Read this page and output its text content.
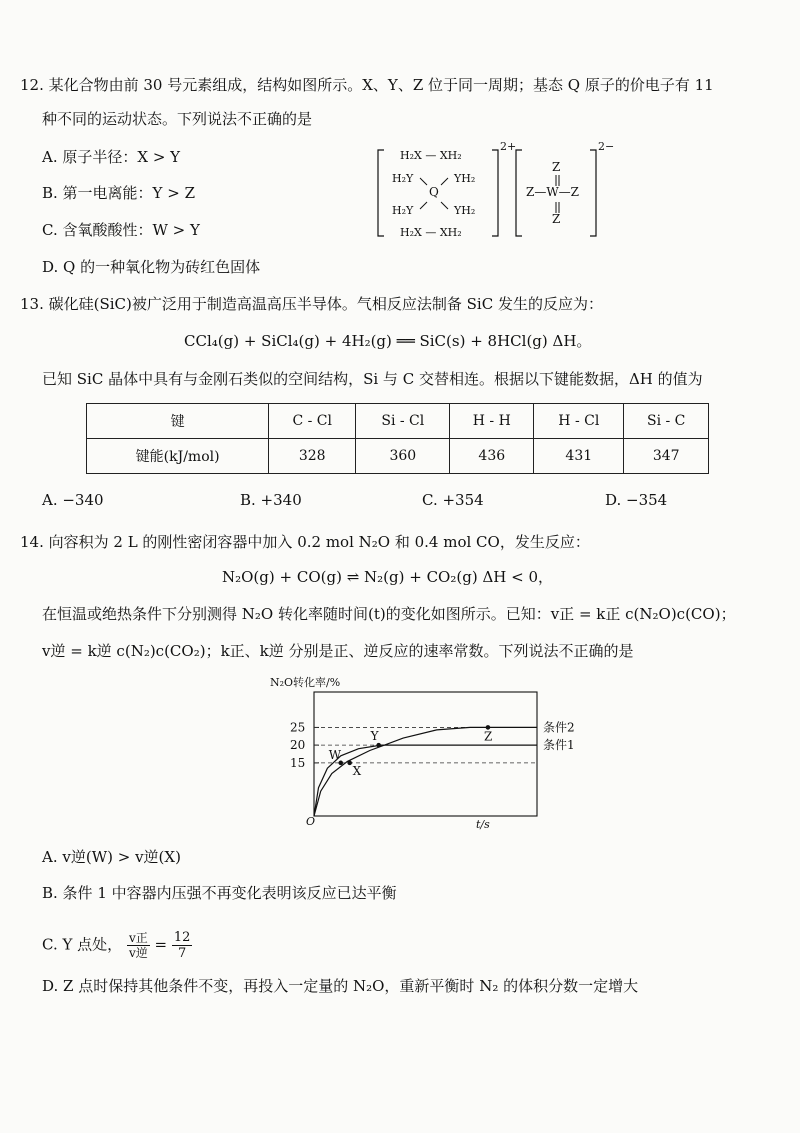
12. 某化合物由前 30 号元素组成，结构如图所示。X、Y、Z 位于同一周期；基态 Q 原子的价电子有 11
种不同的运动状态。下列说法不正确的是
A. 原子半径：X > Y
B. 第一电离能：Y > Z
C. 含氧酸酸性：W > Y
D. Q 的一种氧化物为砖红色固体
H₂X — XH₂
H₂Y	YH₂
Q
H₂Y	YH₂
H₂X — XH₂
2+
Z
Z—W—Z
Z
2−
13. 碳化硅(SiC)被广泛用于制造高温高压半导体。气相反应法制备 SiC 发生的反应为：
CCl₄(g) + SiCl₄(g) + 4H₂(g) ══ SiC(s) + 8HCl(g) ΔH。
已知 SiC 晶体中具有与金刚石类似的空间结构，Si 与 C 交替相连。根据以下键能数据，ΔH 的值为
键	C - Cl	Si - Cl	H - H	H - Cl	Si - C
键能(kJ/mol)	328	360	436	431	347
A. −340	B. +340	C. +354	D. −354
14. 向容积为 2 L 的刚性密闭容器中加入 0.2 mol N₂O 和 0.4 mol CO，发生反应：
N₂O(g) + CO(g) ⇌ N₂(g) + CO₂(g) ΔH < 0，
在恒温或绝热条件下分别测得 N₂O 转化率随时间(t)的变化如图所示。已知：v正 = k正 c(N₂O)c(CO)；
v逆 = k逆 c(N₂)c(CO₂)；k正、k逆 分别是正、逆反应的速率常数。下列说法不正确的是
N₂O转化率/%
t/s
O
15
20
25	条件2
条件1
W
X
Y	Z
A. v逆(W) > v逆(X)
B. 条件 1 中容器内压强不再变化表明该反应已达平衡
C. Y 点处， v正
v逆 = $\frac{12}{7}$
D. Z 点时保持其他条件不变，再投入一定量的 N₂O，重新平衡时 N₂ 的体积分数一定增大
